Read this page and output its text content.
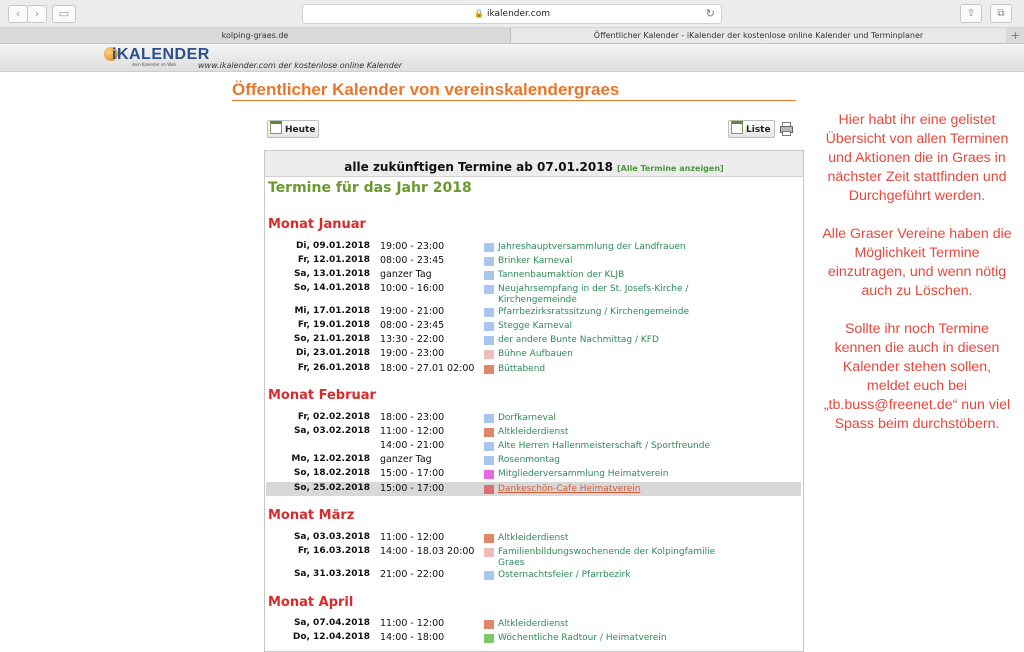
‹	›	▭	🔒 ikalender.com	↻	⇧	⧉
kolping-graes.de	Öffentlicher Kalender - iKalender der kostenlose online Kalender und Terminplaner	+
iKALENDER
dein Kalender im Web	www.ikalender.com der kostenlose online Kalender
Öffentlicher Kalender von vereinskalendergraes
Heute	Liste
alle zukünftigen Termine ab 07.01.2018 [Alle Termine anzeigen]
Termine für das Jahr 2018
Monat Januar
Monat Februar
Monat März
Monat April
Di, 09.01.2018 19:00 - 23:00	Jahreshauptversammlung der Landfrauen
Fr, 12.01.2018 08:00 - 23:45	Brinker Karneval
Sa, 13.01.2018 ganzer Tag	Tannenbaumaktion der KLJB
So, 14.01.2018 10:00 - 16:00	Neujahrsempfang in der St. Josefs-Kirche /
Kirchengemeinde
Mi, 17.01.2018 19:00 - 21:00	Pfarrbezirksratssitzung / Kirchengemeinde
Fr, 19.01.2018 08:00 - 23:45	Stegge Karneval
So, 21.01.2018 13:30 - 22:00	der andere Bunte Nachmittag / KFD
Di, 23.01.2018 19:00 - 23:00	Bühne Aufbauen
Fr, 26.01.2018 18:00 - 27.01 02:00	Büttabend
Fr, 02.02.2018 18:00 - 23:00	Dorfkarneval
Sa, 03.02.2018 11:00 - 12:00	Altkleiderdienst
14:00 - 21:00	Alte Herren Hallenmeisterschaft / Sportfreunde
Mo, 12.02.2018 ganzer Tag	Rosenmontag
So, 18.02.2018 15:00 - 17:00	Mitgliederversammlung Heimatverein
So, 25.02.2018 15:00 - 17:00	Dankeschön-Cafe Heimatverein
Sa, 03.03.2018 11:00 - 12:00	Altkleiderdienst
Fr, 16.03.2018 14:00 - 18.03 20:00	Familienbildungswochenende der Kolpingfamilie
Graes
Sa, 31.03.2018 21:00 - 22:00	Osternachtsfeier / Pfarrbezirk
Sa, 07.04.2018 11:00 - 12:00	Altkleiderdienst
Do, 12.04.2018 14:00 - 18:00	Wöchentliche Radtour / Heimatverein

Hier habt ihr eine gelistet Übersicht von allen Terminen und Aktionen die in Graes in nächster Zeit stattfinden und Durchgeführt werden.

Alle Graser Vereine haben die Möglichkeit Termine einzutragen, und wenn nötig auch zu Löschen.

Sollte ihr noch Termine kennen die auch in diesen Kalender stehen sollen, meldet euch bei „tb.buss@freenet.de“ nun viel Spass beim durchstöbern.
